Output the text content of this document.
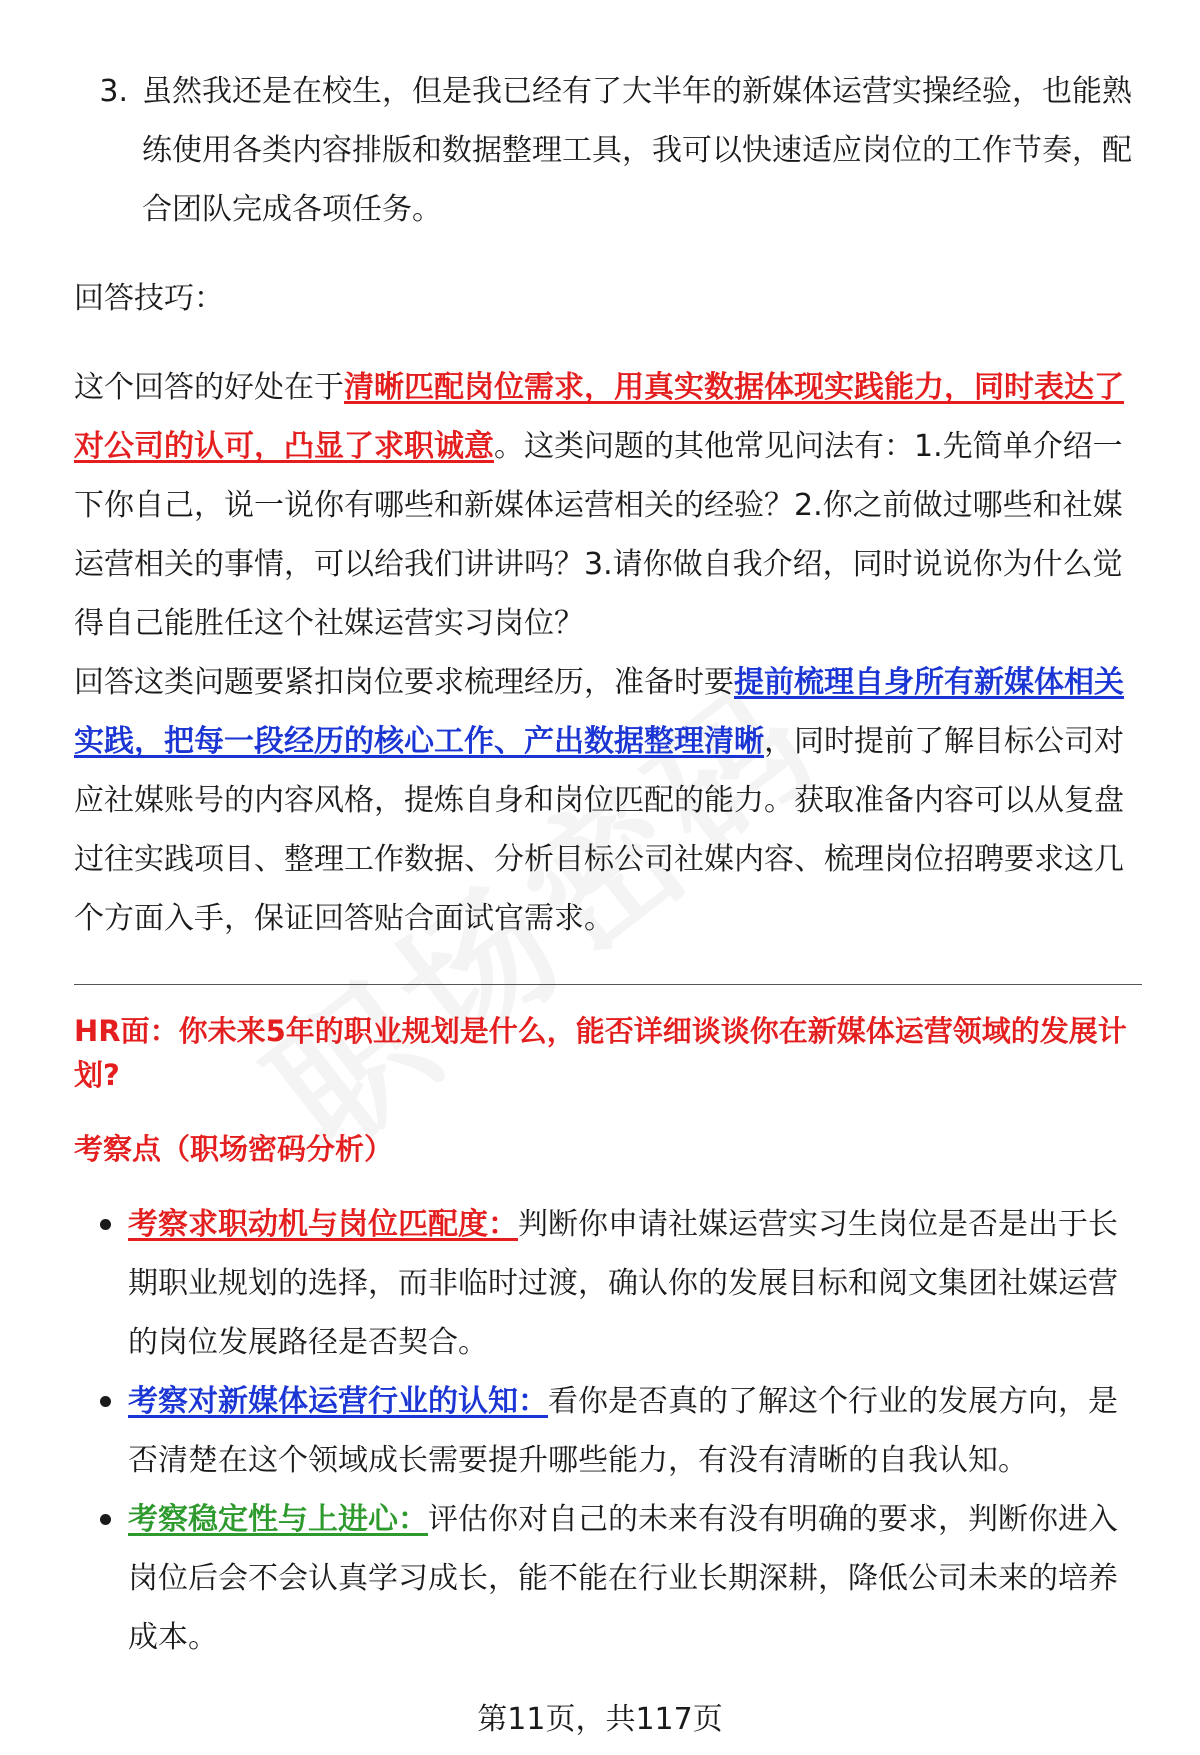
3. 虽然我还是在校生，但是我已经有了大半年的新媒体运营实操经验，也能熟练使用各类内容排版和数据整理工具，我可以快速适应岗位的工作节奏，配合团队完成各项任务。

回答技巧：

这个回答的好处在于清晰匹配岗位需求，用真实数据体现实践能力，同时表达了对公司的认可，凸显了求职诚意。这类问题的其他常见问法有：1.先简单介绍一下你自己，说一说你有哪些和新媒体运营相关的经验？2.你之前做过哪些和社媒运营相关的事情，可以给我们讲讲吗？3.请你做自我介绍，同时说说你为什么觉得自己能胜任这个社媒运营实习岗位？

回答这类问题要紧扣岗位要求梳理经历，准备时要提前梳理自身所有新媒体相关实践，把每一段经历的核心工作、产出数据整理清晰，同时提前了解目标公司对应社媒账号的内容风格，提炼自身和岗位匹配的能力。获取准备内容可以从复盘过往实践项目、整理工作数据、分析目标公司社媒内容、梳理岗位招聘要求这几个方面入手，保证回答贴合面试官需求。

HR面：你未来5年的职业规划是什么，能否详细谈谈你在新媒体运营领域的发展计划?

考察点（职场密码分析）

考察求职动机与岗位匹配度：判断你申请社媒运营实习生岗位是否是出于长期职业规划的选择，而非临时过渡，确认你的发展目标和阅文集团社媒运营的岗位发展路径是否契合。

考察对新媒体运营行业的认知：看你是否真的了解这个行业的发展方向，是否清楚在这个领域成长需要提升哪些能力，有没有清晰的自我认知。

考察稳定性与上进心：评估你对自己的未来有没有明确的要求，判断你进入岗位后会不会认真学习成长，能不能在行业长期深耕，降低公司未来的培养成本。

第11页，共117页
